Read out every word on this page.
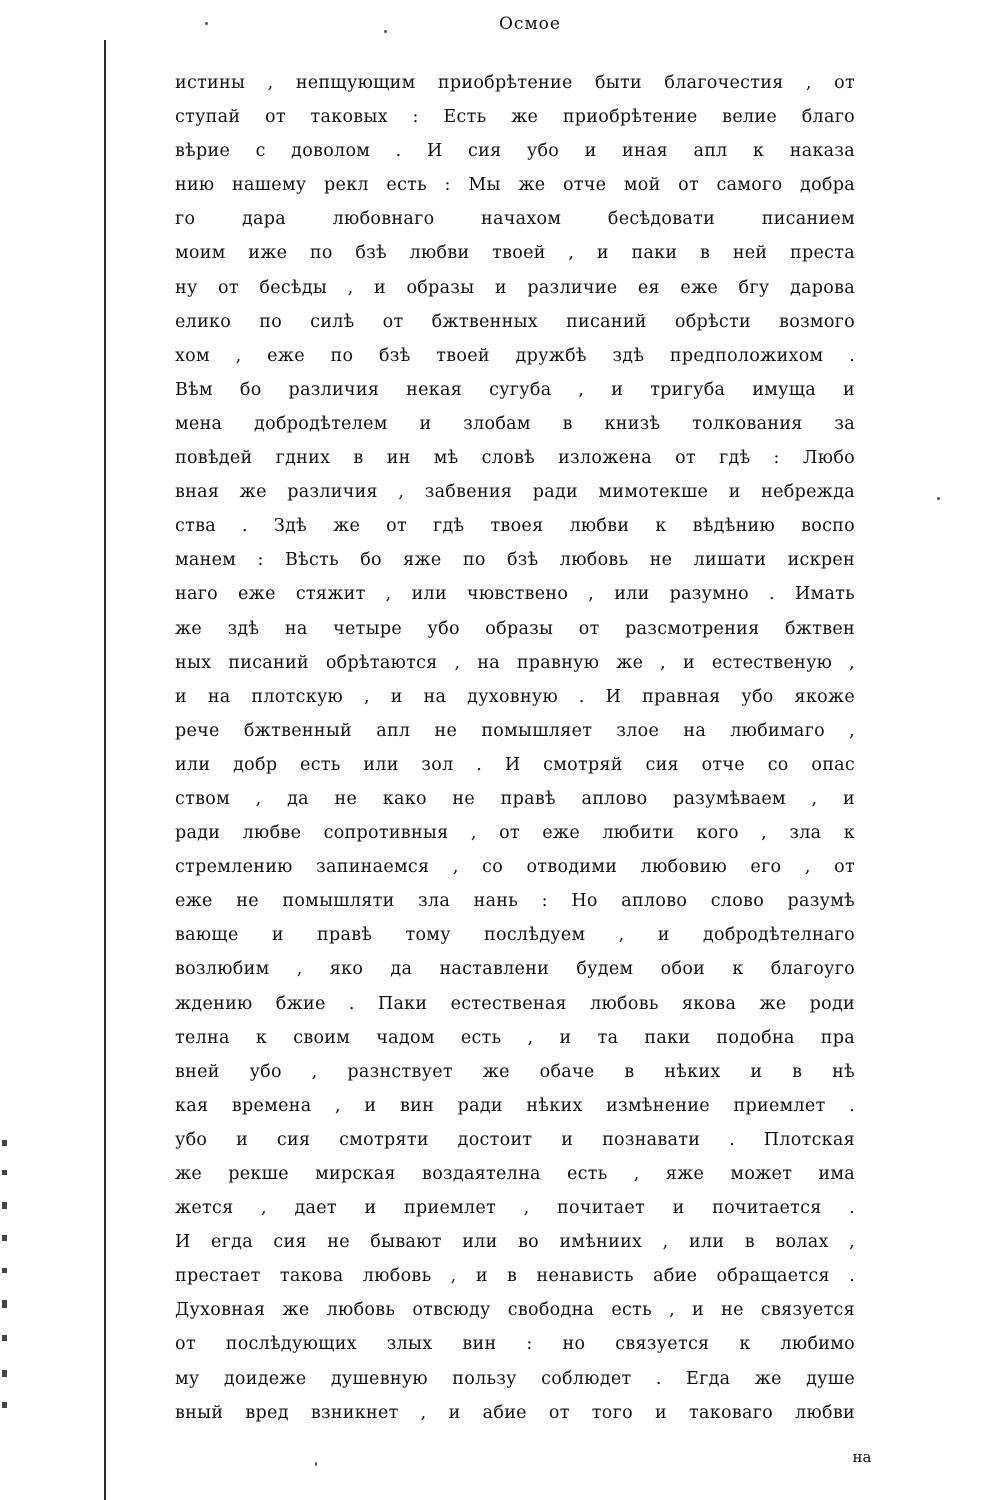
Осмое
истины , непщующим приобрѣтение быти благочестия , от
ступай от таковых : Есть же приобрѣтение велие благо
вѣрие с доволом . И сия убо и иная апл к наказа
нию нашему рекл есть : Мы же отче мой от самого добра
го дара любовнаго начахом бесѣдовати писанием
моим иже по бзѣ любви твоей , и паки в ней преста
ну от бесѣды , и образы и различие ея еже бгу дарова
елико по силѣ от бжтвенных писаний обрѣсти возмого
хом , еже по бзѣ твоей дружбѣ здѣ предположихом .
Вѣм бо различия некая сугуба , и тригуба имуща и
мена добродѣтелем и злобам в книзѣ толкования за
повѣдей гдних в ин мѣ словѣ изложена от гдѣ : Любо
вная же различия , забвения ради мимотекше и небрежда
ства . Здѣ же от гдѣ твоея любви к вѣдѣнию воспо
манем : Вѣсть бо яже по бзѣ любовь не лишати искрен
наго еже стяжит , или чювствено , или разумно . Имать
же здѣ на четыре убо образы от разсмотрения бжтвен
ных писаний обрѣтаются , на правную же , и естественую ,
и на плотскую , и на духовную . И правная убо якоже
рече бжтвенный апл не помышляет злое на любимаго ,
или добр есть или зол . И смотряй сия отче со опас
ством , да не како не правѣ аплово разумѣваем , и
ради любве сопротивныя , от еже любити кого , зла к
стремлению запинаемся , со отводими любовию его , от
еже не помышляти зла нань : Но аплово слово разумѣ
вающе и правѣ тому послѣдуем , и добродѣтелнаго
возлюбим , яко да наставлени будем обои к благоуго
ждению бжие . Паки естественая любовь якова же роди
телна к своим чадом есть , и та паки подобна пра
вней убо , разнствует же обаче в нѣких и в нѣ
кая времена , и вин ради нѣких измѣнение приемлет .
убо и сия смотряти достоит и познавати . Плотская
же рекше мирская воздаятелна есть , яже может има
жется , дает и приемлет , почитает и почитается .
И егда сия не бывают или во имѣниих , или в волах ,
престает такова любовь , и в ненависть абие обращается .
Духовная же любовь отвсюду свободна есть , и не связуется
от послѣдующих злых вин : но связуется к любимо
му доидеже душевную пользу соблюдет . Егда же душе
вный вред взникнет , и абие от того и таковаго любви
на
